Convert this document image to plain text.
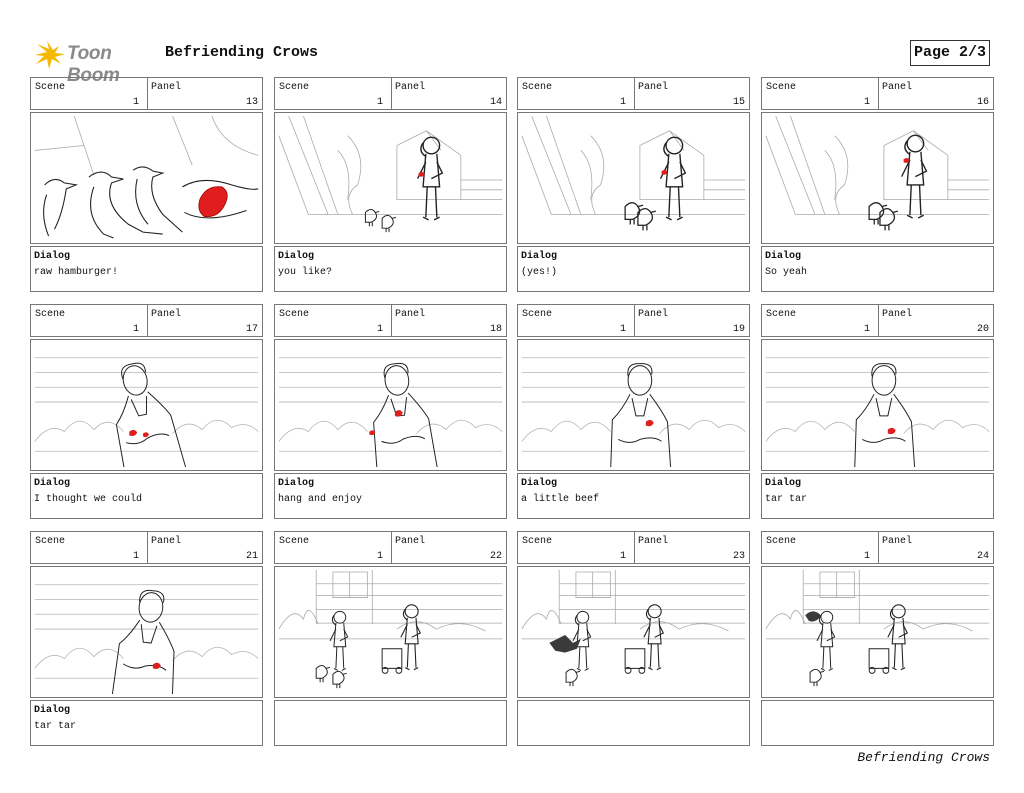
Toon Boom
Befriending Crows	Page 2/3
Scene
1
Panel
13
Dialog
raw hamburger!
Scene
1
Panel
14
Dialog
you like?
Scene
1
Panel
15
Dialog
(yes!)
Scene
1
Panel
16
Dialog
So yeah
Scene
1
Panel
17
Dialog
I thought we could
Scene
1
Panel
18
Dialog
hang and enjoy
Scene
1
Panel
19
Dialog
a little beef
Scene
1
Panel
20
Dialog
tar tar
Scene
1
Panel
21
Dialog
tar tar
Scene
1
Panel
22
Scene
1
Panel
23
Scene
1
Panel
24
Befriending Crows
